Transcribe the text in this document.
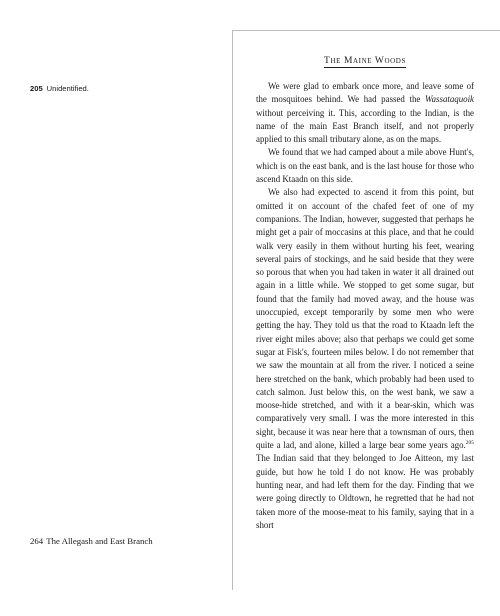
The Maine Woods
205 Unidentified.	We were glad to embark once more, and leave some of the mosquitoes behind. We had passed the Wassataquoik without perceiving it. This, according to the Indian, is the name of the main East Branch itself, and not properly applied to this small tributary alone, as on the maps.

We found that we had camped about a mile above Hunt's, which is on the east bank, and is the last house for those who ascend Ktaadn on this side.

We also had expected to ascend it from this point, but omitted it on account of the chafed feet of one of my companions. The Indian, however, suggested that perhaps he might get a pair of moccasins at this place, and that he could walk very easily in them without hurting his feet, wearing several pairs of stockings, and he said beside that they were so porous that when you had taken in water it all drained out again in a little while. We stopped to get some sugar, but found that the family had moved away, and the house was unoccupied, except temporarily by some men who were getting the hay. They told us that the road to Ktaadn left the river eight miles above; also that perhaps we could get some sugar at Fisk's, fourteen miles below. I do not remember that we saw the mountain at all from the river. I noticed a seine here stretched on the bank, which probably had been used to catch salmon. Just below this, on the west bank, we saw a moose-hide stretched, and with it a bear-skin, which was comparatively very small. I was the more interested in this sight, because it was near here that a townsman of ours, then quite a lad, and alone, killed a large bear some years ago.$^{205}$ The Indian said that they belonged to Joe Aitteon, my last guide, but how he told I do not know. He was probably hunting near, and had left them for the day. Finding that we were going directly to Oldtown, he regretted that he had not taken more of the moose-meat to his family, saying that in a short

264 The Allegash and East Branch
